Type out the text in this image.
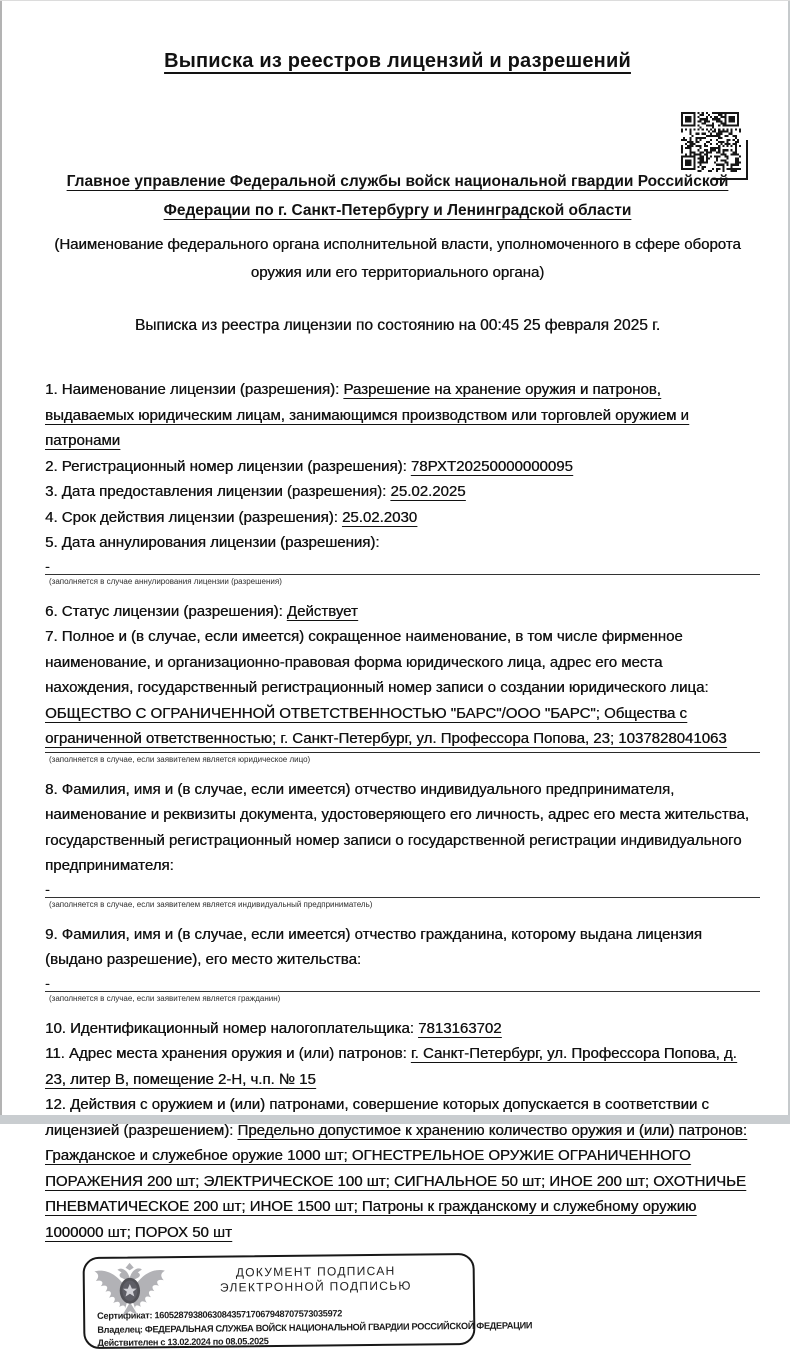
Выписка из реестров лицензий и разрешений
Главное управление Федеральной службы войск национальной гвардии Российской Федерации по г. Санкт-Петербургу и Ленинградской области
(Наименование федерального органа исполнительной власти, уполномоченного в сфере оборота оружия или его территориального органа)
Выписка из реестра лицензии по состоянию на 00:45 25 февраля 2025 г.

1. Наименование лицензии (разрешения): Разрешение на хранение оружия и патронов, выдаваемых юридическим лицам, занимающимся производством или торговлей оружием и патронами

2. Регистрационный номер лицензии (разрешения): 78РХТ20250000000095

3. Дата предоставления лицензии (разрешения): 25.02.2025

4. Срок действия лицензии (разрешения): 25.02.2030

5. Дата аннулирования лицензии (разрешения):

-
(заполняется в случае аннулирования лицензии (разрешения)

6. Статус лицензии (разрешения): Действует

7. Полное и (в случае, если имеется) сокращенное наименование, в том числе фирменное наименование, и организационно-правовая форма юридического лица, адрес его места нахождения, государственный регистрационный номер записи о создании юридического лица:
ОБЩЕСТВО С ОГРАНИЧЕННОЙ ОТВЕТСТВЕННОСТЬЮ "БАРС"/ООО "БАРС"; Общества с ограниченной ответственностью; г. Санкт-Петербург, ул. Профессора Попова, 23; 1037828041063

(заполняется в случае, если заявителем является юридическое лицо)

8. Фамилия, имя и (в случае, если имеется) отчество индивидуального предпринимателя, наименование и реквизиты документа, удостоверяющего его личность, адрес его места жительства, государственный регистрационный номер записи о государственной регистрации индивидуального предпринимателя:

-
(заполняется в случае, если заявителем является индивидуальный предприниматель)

9. Фамилия, имя и (в случае, если имеется) отчество гражданина, которому выдана лицензия (выдано разрешение), его место жительства:

-
(заполняется в случае, если заявителем является гражданин)

10. Идентификационный номер налогоплательщика: 7813163702

11. Адрес места хранения оружия и (или) патронов: г. Санкт-Петербург, ул. Профессора Попова, д. 23, литер В, помещение 2-Н, ч.п. № 15

12. Действия с оружием и (или) патронами, совершение которых допускается в соответствии с лицензией (разрешением): Предельно допустимое к хранению количество оружия и (или) патронов: Гражданское и служебное оружие 1000 шт; ОГНЕСТРЕЛЬНОЕ ОРУЖИЕ ОГРАНИЧЕННОГО ПОРАЖЕНИЯ 200 шт; ЭЛЕКТРИЧЕСКОЕ 100 шт; СИГНАЛЬНОЕ 50 шт; ИНОЕ 200 шт; ОХОТНИЧЬЕ ПНЕВМАТИЧЕСКОЕ 200 шт; ИНОЕ 1500 шт; Патроны к гражданскому и служебному оружию 1000000 шт; ПОРОХ 50 шт

ДОКУМЕНТ ПОДПИСАН
ЭЛЕКТРОННОЙ ПОДПИСЬЮ
Сертификат: 160528793806308435717067948707573035972
Владелец: ФЕДЕРАЛЬНАЯ СЛУЖБА ВОЙСК НАЦИОНАЛЬНОЙ ГВАРДИИ РОССИЙСКОЙ ФЕДЕРАЦИИ
Действителен с 13.02.2024 по 08.05.2025
